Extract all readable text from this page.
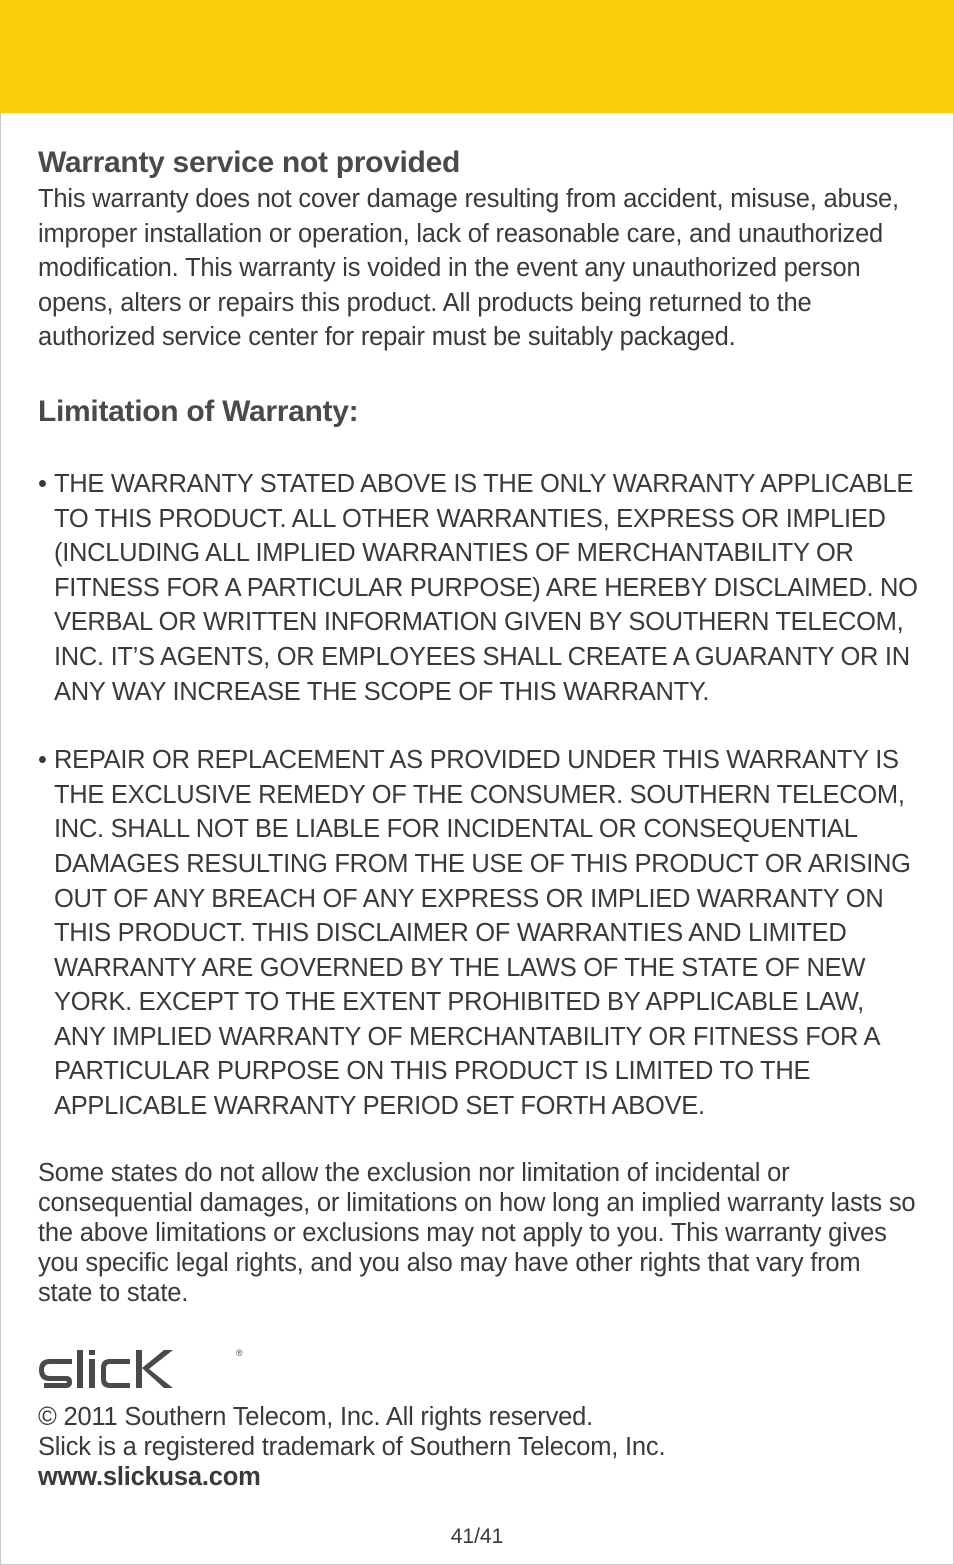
Warranty service not provided

This warranty does not cover damage resulting from accident, misuse, abuse, improper installation or operation, lack of reasonable care, and unauthorized modification. This warranty is voided in the event any unauthorized person opens, alters or repairs this product. All products being returned to the authorized service center for repair must be suitably packaged.

Limitation of Warranty:
• THE WARRANTY STATED ABOVE IS THE ONLY WARRANTY APPLICABLE TO THIS PRODUCT. ALL OTHER WARRANTIES, EXPRESS OR IMPLIED (INCLUDING ALL IMPLIED WARRANTIES OF MERCHANTABILITY OR FITNESS FOR A PARTICULAR PURPOSE) ARE HEREBY DISCLAIMED. NO VERBAL OR WRITTEN INFORMATION GIVEN BY SOUTHERN TELECOM, INC. IT’S AGENTS, OR EMPLOYEES SHALL CREATE A GUARANTY OR IN ANY WAY INCREASE THE SCOPE OF THIS WARRANTY.
• REPAIR OR REPLACEMENT AS PROVIDED UNDER THIS WARRANTY IS THE EXCLUSIVE REMEDY OF THE CONSUMER. SOUTHERN TELECOM, INC. SHALL NOT BE LIABLE FOR INCIDENTAL OR CONSEQUENTIAL DAMAGES RESULTING FROM THE USE OF THIS PRODUCT OR ARISING OUT OF ANY BREACH OF ANY EXPRESS OR IMPLIED WARRANTY ON THIS PRODUCT. THIS DISCLAIMER OF WARRANTIES AND LIMITED WARRANTY ARE GOVERNED BY THE LAWS OF THE STATE OF NEW YORK. EXCEPT TO THE EXTENT PROHIBITED BY APPLICABLE LAW, ANY IMPLIED WARRANTY OF MERCHANTABILITY OR FITNESS FOR A PARTICULAR PURPOSE ON THIS PRODUCT IS LIMITED TO THE APPLICABLE WARRANTY PERIOD SET FORTH ABOVE.

Some states do not allow the exclusion nor limitation of incidental or consequential damages, or limitations on how long an implied warranty lasts so the above limitations or exclusions may not apply to you. This warranty gives you specific legal rights, and you also may have other rights that vary from state to state.

®

© 2011 Southern Telecom, Inc. All rights reserved.

Slick is a registered trademark of Southern Telecom, Inc.

www.slickusa.com

41/41
